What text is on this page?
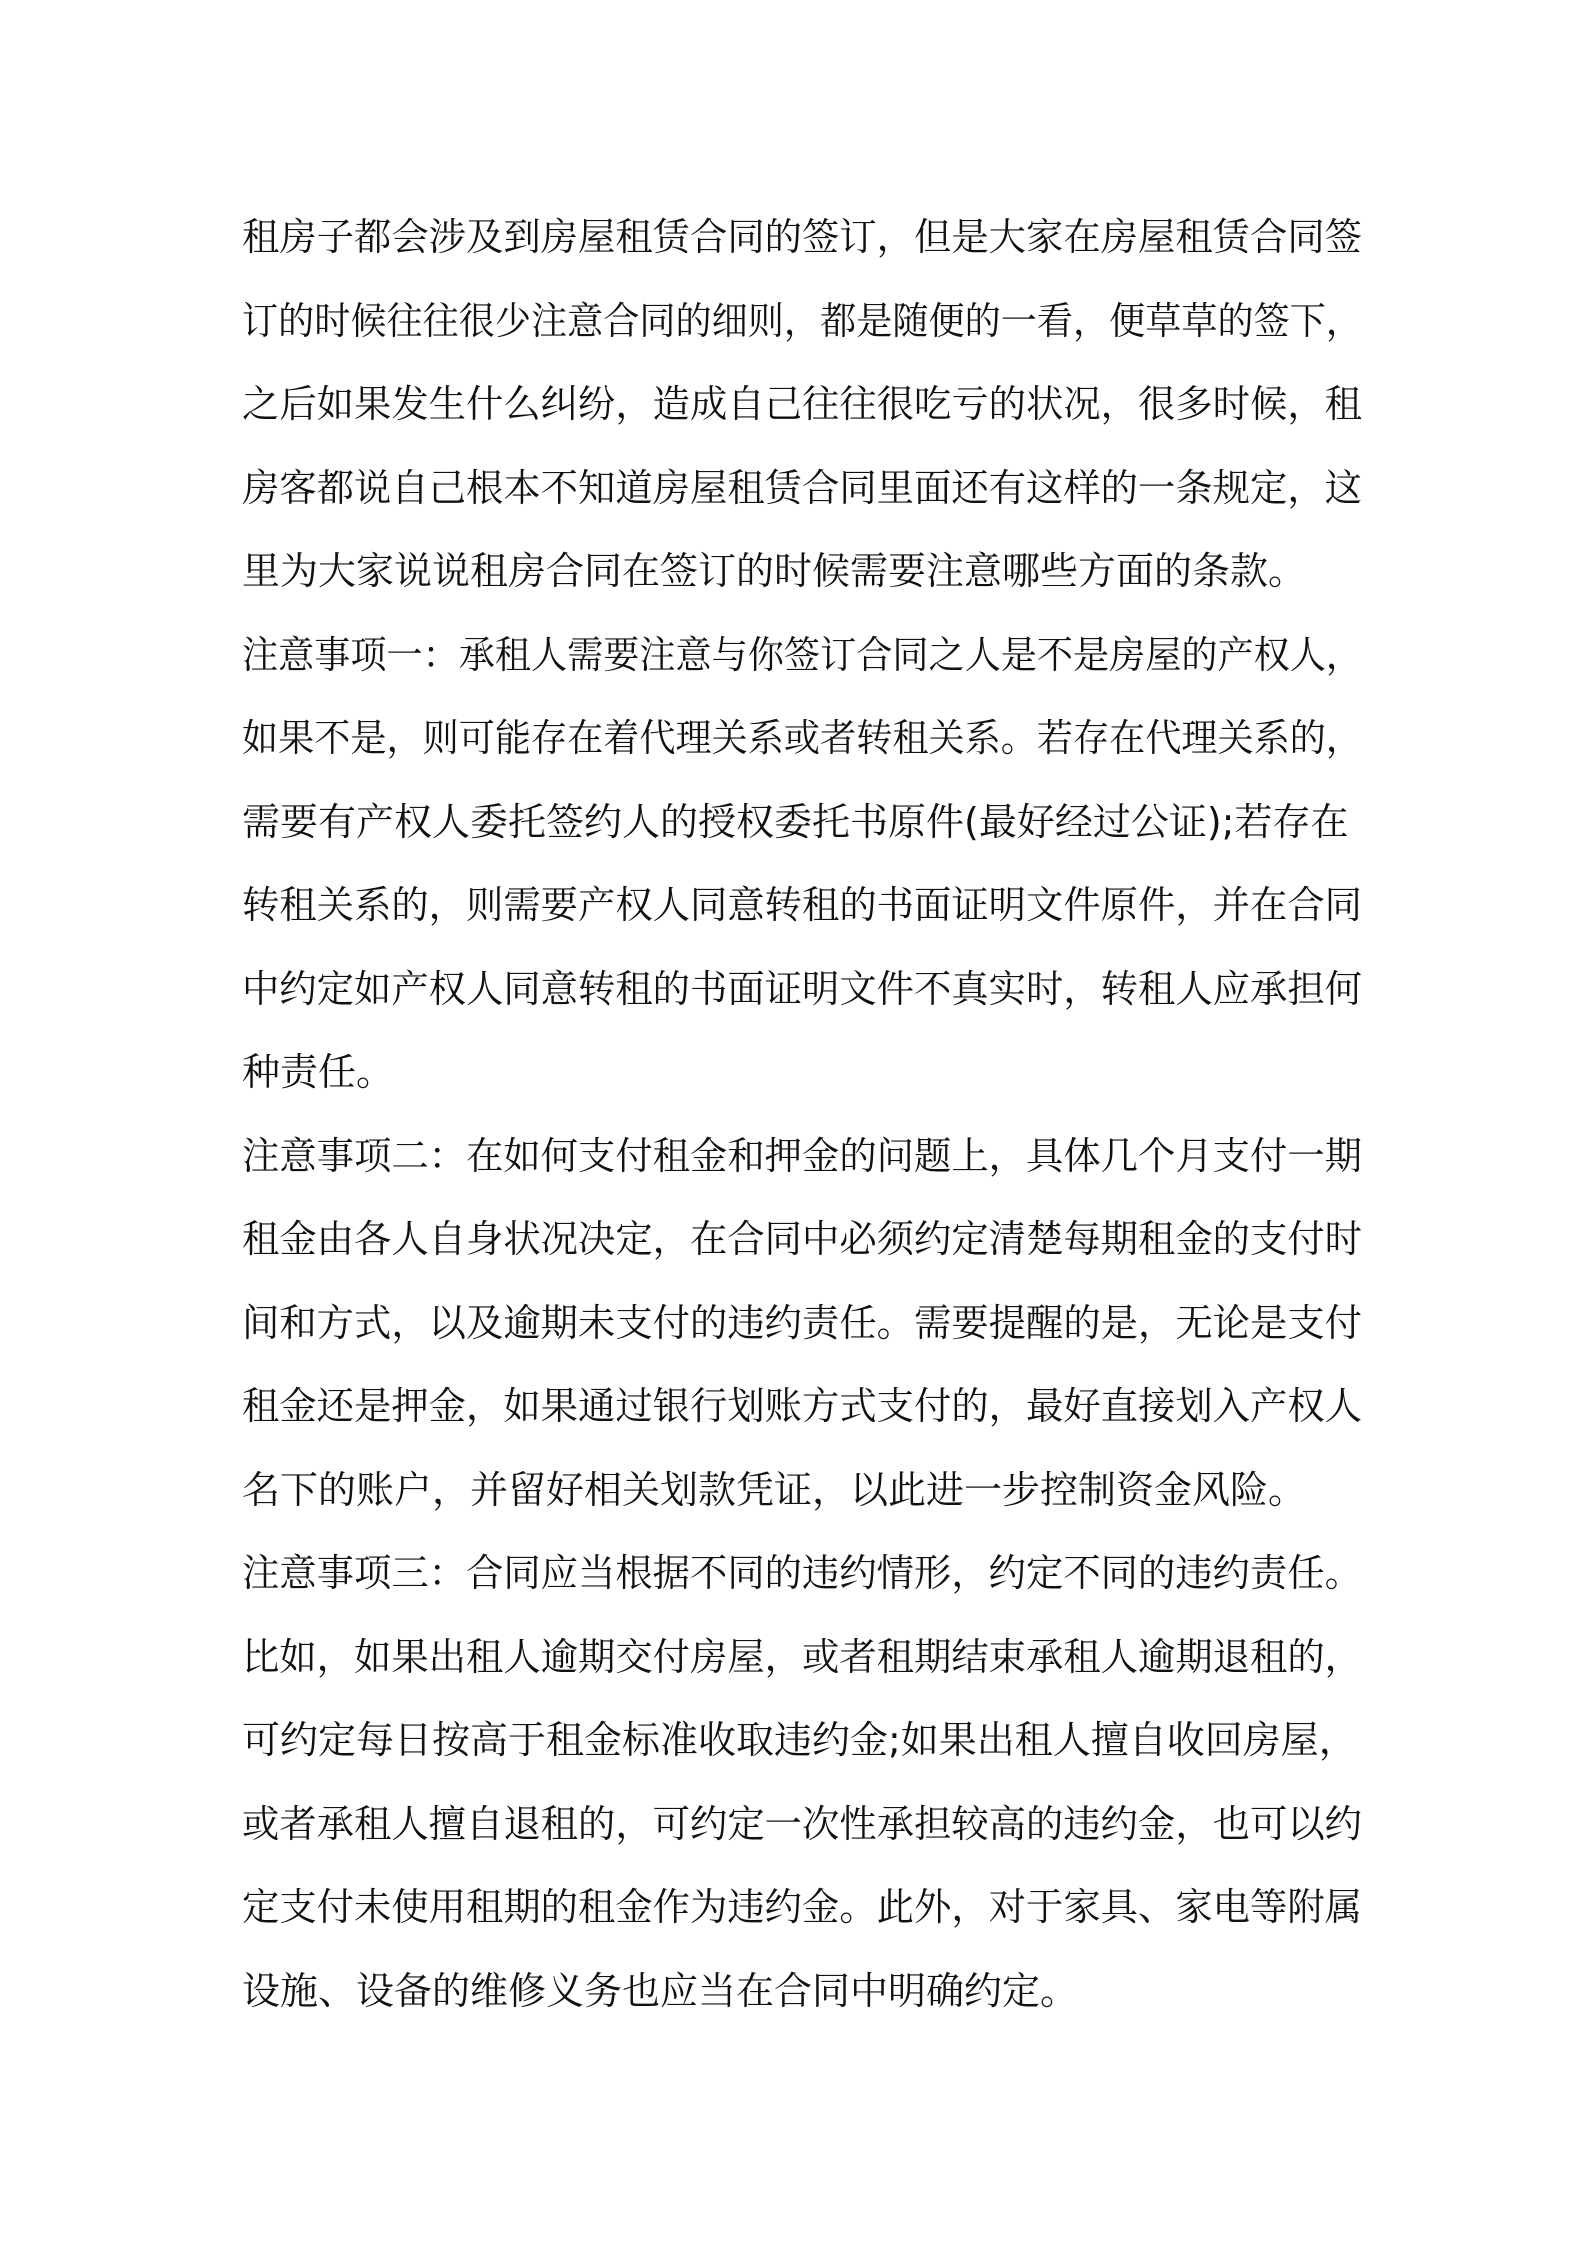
租房子都会涉及到房屋租赁合同的签订，但是大家在房屋租赁合同签 订的时候往往很少注意合同的细则，都是随便的一看，便草草的签下， 之后如果发生什么纠纷，造成自己往往很吃亏的状况，很多时候，租 房客都说自己根本不知道房屋租赁合同里面还有这样的一条规定，这
里为大家说说租房合同在签订的时候需要注意哪些方面的条款。
注意事项一：承租人需要注意与你签订合同之人是不是房屋的产权人， 如果不是，则可能存在着代理关系或者转租关系。若存在代理关系的，
需要有产权人委托签约人的授权委托书原件(最好经过公证);若存在
转租关系的，则需要产权人同意转租的书面证明文件原件，并在合同 中约定如产权人同意转租的书面证明文件不真实时，转租人应承担何
种责任。
注意事项二：在如何支付租金和押金的问题上，具体几个月支付一期 租金由各人自身状况决定，在合同中必须约定清楚每期租金的支付时 间和方式，以及逾期未支付的违约责任。需要提醒的是，无论是支付 租金还是押金，如果通过银行划账方式支付的，最好直接划入产权人
名下的账户，并留好相关划款凭证，以此进一步控制资金风险。
注意事项三：合同应当根据不同的违约情形，约定不同的违约责任。 比如，如果出租人逾期交付房屋，或者租期结束承租人逾期退租的，
可约定每日按高于租金标准收取违约金;如果出租人擅自收回房屋，
或者承租人擅自退租的，可约定一次性承担较高的违约金，也可以约 定支付未使用租期的租金作为违约金。此外，对于家具、家电等附属
设施、设备的维修义务也应当在合同中明确约定。
